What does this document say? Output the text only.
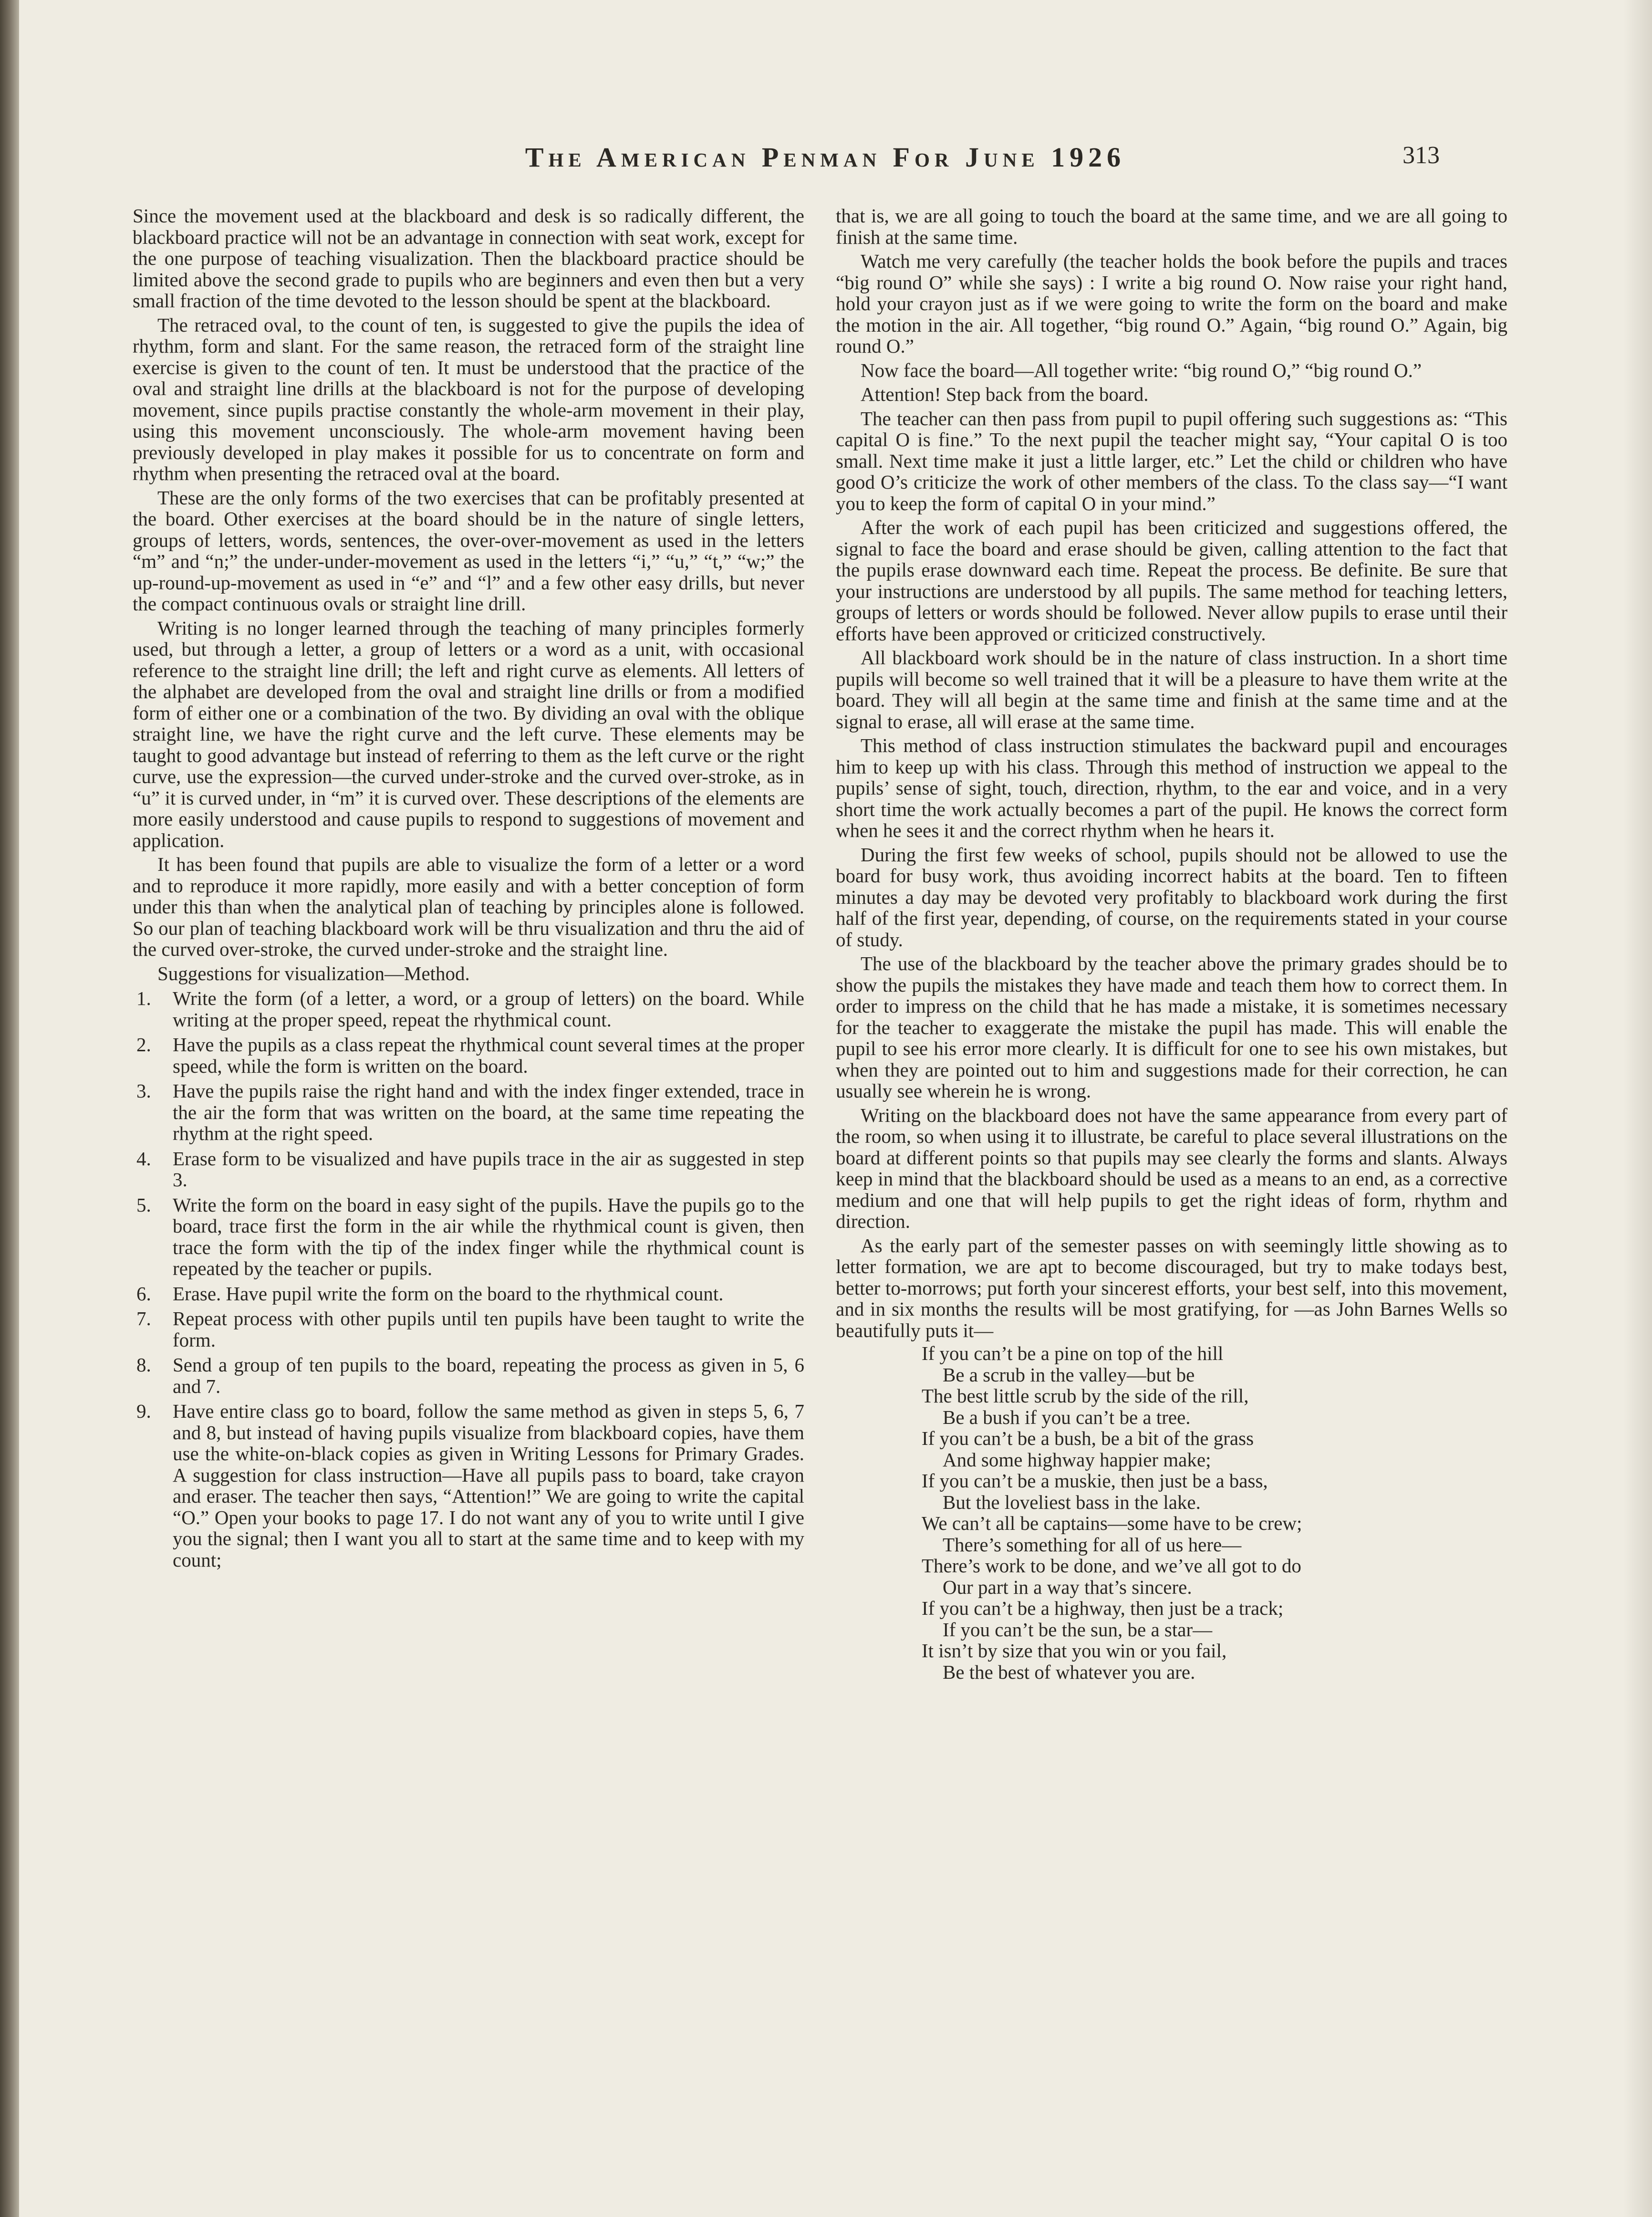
The American Penman For June 1926	313

Since the movement used at the blackboard and desk is so radically different, the blackboard practice will not be an advantage in connection with seat work, except for the one purpose of teaching visualization. Then the blackboard practice should be limited above the second grade to pupils who are beginners and even then but a very small fraction of the time devoted to the lesson should be spent at the blackboard.

The retraced oval, to the count of ten, is suggested to give the pupils the idea of rhythm, form and slant. For the same reason, the retraced form of the straight line exercise is given to the count of ten. It must be understood that the practice of the oval and straight line drills at the blackboard is not for the purpose of developing movement, since pupils practise constantly the whole-arm movement in their play, using this movement unconsciously. The whole-arm movement having been previously developed in play makes it possible for us to concentrate on form and rhythm when presenting the retraced oval at the board.

These are the only forms of the two exercises that can be profitably presented at the board. Other exercises at the board should be in the nature of single letters, groups of letters, words, sentences, the over-over-movement as used in the letters “m” and “n;” the under-under-movement as used in the letters “i,” “u,” “t,” “w;” the up-round-up-movement as used in “e” and “l” and a few other easy drills, but never the compact continuous ovals or straight line drill.

Writing is no longer learned through the teaching of many principles formerly used, but through a letter, a group of letters or a word as a unit, with occasional reference to the straight line drill; the left and right curve as elements. All letters of the alphabet are developed from the oval and straight line drills or from a modified form of either one or a combination of the two. By dividing an oval with the oblique straight line, we have the right curve and the left curve. These elements may be taught to good advantage but instead of referring to them as the left curve or the right curve, use the expression—the curved under-stroke and the curved over-stroke, as in “u” it is curved under, in “m” it is curved over. These descriptions of the elements are more easily understood and cause pupils to respond to suggestions of movement and application.

It has been found that pupils are able to visualize the form of a letter or a word and to reproduce it more rapidly, more easily and with a better conception of form under this than when the analytical plan of teaching by principles alone is followed. So our plan of teaching blackboard work will be thru visualization and thru the aid of the curved over-stroke, the curved under-stroke and the straight line.

Suggestions for visualization—Method.

1. Write the form (of a letter, a word, or a group of letters) on the board. While writing at the proper speed, repeat the rhythmical count.
2. Have the pupils as a class repeat the rhythmical count several times at the proper speed, while the form is written on the board.
3. Have the pupils raise the right hand and with the index finger extended, trace in the air the form that was written on the board, at the same time repeating the rhythm at the right speed.
4. Erase form to be visualized and have pupils trace in the air as suggested in step 3.
5. Write the form on the board in easy sight of the pupils. Have the pupils go to the board, trace first the form in the air while the rhythmical count is given, then trace the form with the tip of the index finger while the rhythmical count is repeated by the teacher or pupils.
6. Erase. Have pupil write the form on the board to the rhythmical count.
7. Repeat process with other pupils until ten pupils have been taught to write the form.
8. Send a group of ten pupils to the board, repeating the process as given in 5, 6 and 7.
9. Have entire class go to board, follow the same method as given in steps 5, 6, 7 and 8, but instead of having pupils visualize from blackboard copies, have them use the white-on-black copies as given in Writing Lessons for Primary Grades. A suggestion for class instruction—Have all pupils pass to board, take crayon and eraser. The teacher then says, “Attention!” We are going to write the capital “O.” Open your books to page 17. I do not want any of you to write until I give you the signal; then I want you all to start at the same time and to keep with my count;

that is, we are all going to touch the board at the same time, and we are all going to finish at the same time.

Watch me very carefully (the teacher holds the book before the pupils and traces “big round O” while she says) : I write a big round O. Now raise your right hand, hold your crayon just as if we were going to write the form on the board and make the motion in the air. All together, “big round O.” Again, “big round O.” Again, big round O.”

Now face the board—All together write: “big round O,” “big round O.”

Attention! Step back from the board.

The teacher can then pass from pupil to pupil offering such suggestions as: “This capital O is fine.” To the next pupil the teacher might say, “Your capital O is too small. Next time make it just a little larger, etc.” Let the child or children who have good O’s criticize the work of other members of the class. To the class say—“I want you to keep the form of capital O in your mind.”

After the work of each pupil has been criticized and suggestions offered, the signal to face the board and erase should be given, calling attention to the fact that the pupils erase downward each time. Repeat the process. Be definite. Be sure that your instructions are understood by all pupils. The same method for teaching letters, groups of letters or words should be followed. Never allow pupils to erase until their efforts have been approved or criticized constructively.

All blackboard work should be in the nature of class instruction. In a short time pupils will become so well trained that it will be a pleasure to have them write at the board. They will all begin at the same time and finish at the same time and at the signal to erase, all will erase at the same time.

This method of class instruction stimulates the backward pupil and encourages him to keep up with his class. Through this method of instruction we appeal to the pupils’ sense of sight, touch, direction, rhythm, to the ear and voice, and in a very short time the work actually becomes a part of the pupil. He knows the correct form when he sees it and the correct rhythm when he hears it.

During the first few weeks of school, pupils should not be allowed to use the board for busy work, thus avoiding incorrect habits at the board. Ten to fifteen minutes a day may be devoted very profitably to blackboard work during the first half of the first year, depending, of course, on the requirements stated in your course of study.

The use of the blackboard by the teacher above the primary grades should be to show the pupils the mistakes they have made and teach them how to correct them. In order to impress on the child that he has made a mistake, it is sometimes necessary for the teacher to exaggerate the mistake the pupil has made. This will enable the pupil to see his error more clearly. It is difficult for one to see his own mistakes, but when they are pointed out to him and suggestions made for their correction, he can usually see wherein he is wrong.

Writing on the blackboard does not have the same appearance from every part of the room, so when using it to illustrate, be careful to place several illustrations on the board at different points so that pupils may see clearly the forms and slants. Always keep in mind that the blackboard should be used as a means to an end, as a corrective medium and one that will help pupils to get the right ideas of form, rhythm and direction.

As the early part of the semester passes on with seemingly little showing as to letter formation, we are apt to become discouraged, but try to make todays best, better to-morrows; put forth your sincerest efforts, your best self, into this movement, and in six months the results will be most gratifying, for —as John Barnes Wells so beautifully puts it—

If you can’t be a pine on top of the hill
Be a scrub in the valley—but be
The best little scrub by the side of the rill,
Be a bush if you can’t be a tree.
If you can’t be a bush, be a bit of the grass
And some highway happier make;
If you can’t be a muskie, then just be a bass,
But the loveliest bass in the lake.
We can’t all be captains—some have to be crew;
There’s something for all of us here—
There’s work to be done, and we’ve all got to do
Our part in a way that’s sincere.
If you can’t be a highway, then just be a track;
If you can’t be the sun, be a star—
It isn’t by size that you win or you fail,
Be the best of whatever you are.
